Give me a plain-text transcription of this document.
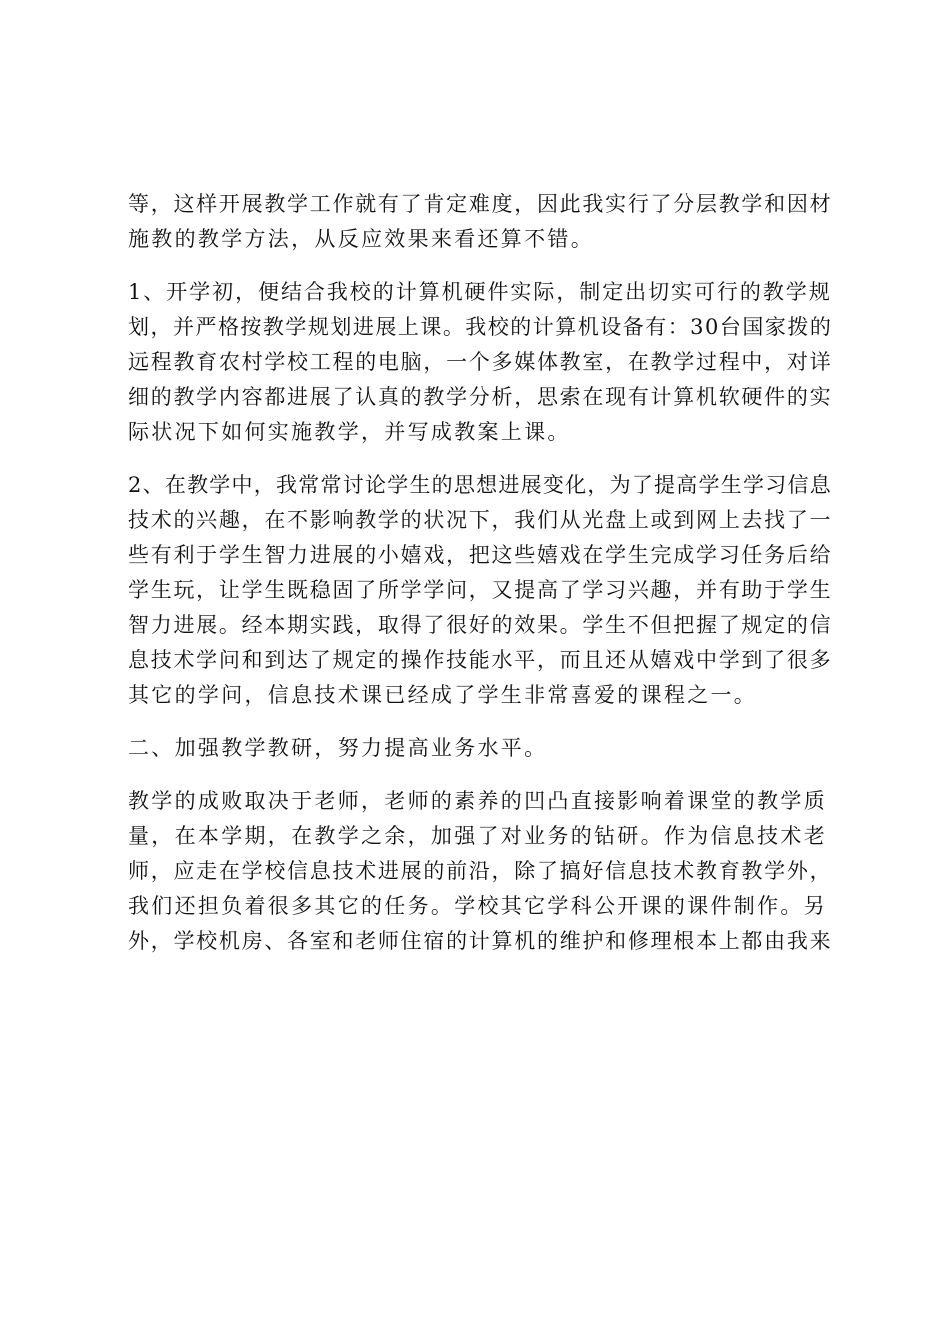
等，这样开展教学工作就有了肯定难度，因此我实行了分层教学和因材
施教的教学方法，从反应效果来看还算不错。
1、开学初，便结合我校的计算机硬件实际，制定出切实可行的教学规
划，并严格按教学规划进展上课。我校的计算机设备有：30台国家拨的
远程教育农村学校工程的电脑，一个多媒体教室，在教学过程中，对详
细的教学内容都进展了认真的教学分析，思索在现有计算机软硬件的实
际状况下如何实施教学，并写成教案上课。
2、在教学中，我常常讨论学生的思想进展变化，为了提高学生学习信息
技术的兴趣，在不影响教学的状况下，我们从光盘上或到网上去找了一
些有利于学生智力进展的小嬉戏，把这些嬉戏在学生完成学习任务后给
学生玩，让学生既稳固了所学学问，又提高了学习兴趣，并有助于学生
智力进展。经本期实践，取得了很好的效果。学生不但把握了规定的信
息技术学问和到达了规定的操作技能水平，而且还从嬉戏中学到了很多
其它的学问，信息技术课已经成了学生非常喜爱的课程之一。
二、加强教学教研，努力提高业务水平。
教学的成败取决于老师，老师的素养的凹凸直接影响着课堂的教学质
量，在本学期，在教学之余，加强了对业务的钻研。作为信息技术老
师，应走在学校信息技术进展的前沿，除了搞好信息技术教育教学外，
我们还担负着很多其它的任务。学校其它学科公开课的课件制作。另
外，学校机房、各室和老师住宿的计算机的维护和修理根本上都由我来
